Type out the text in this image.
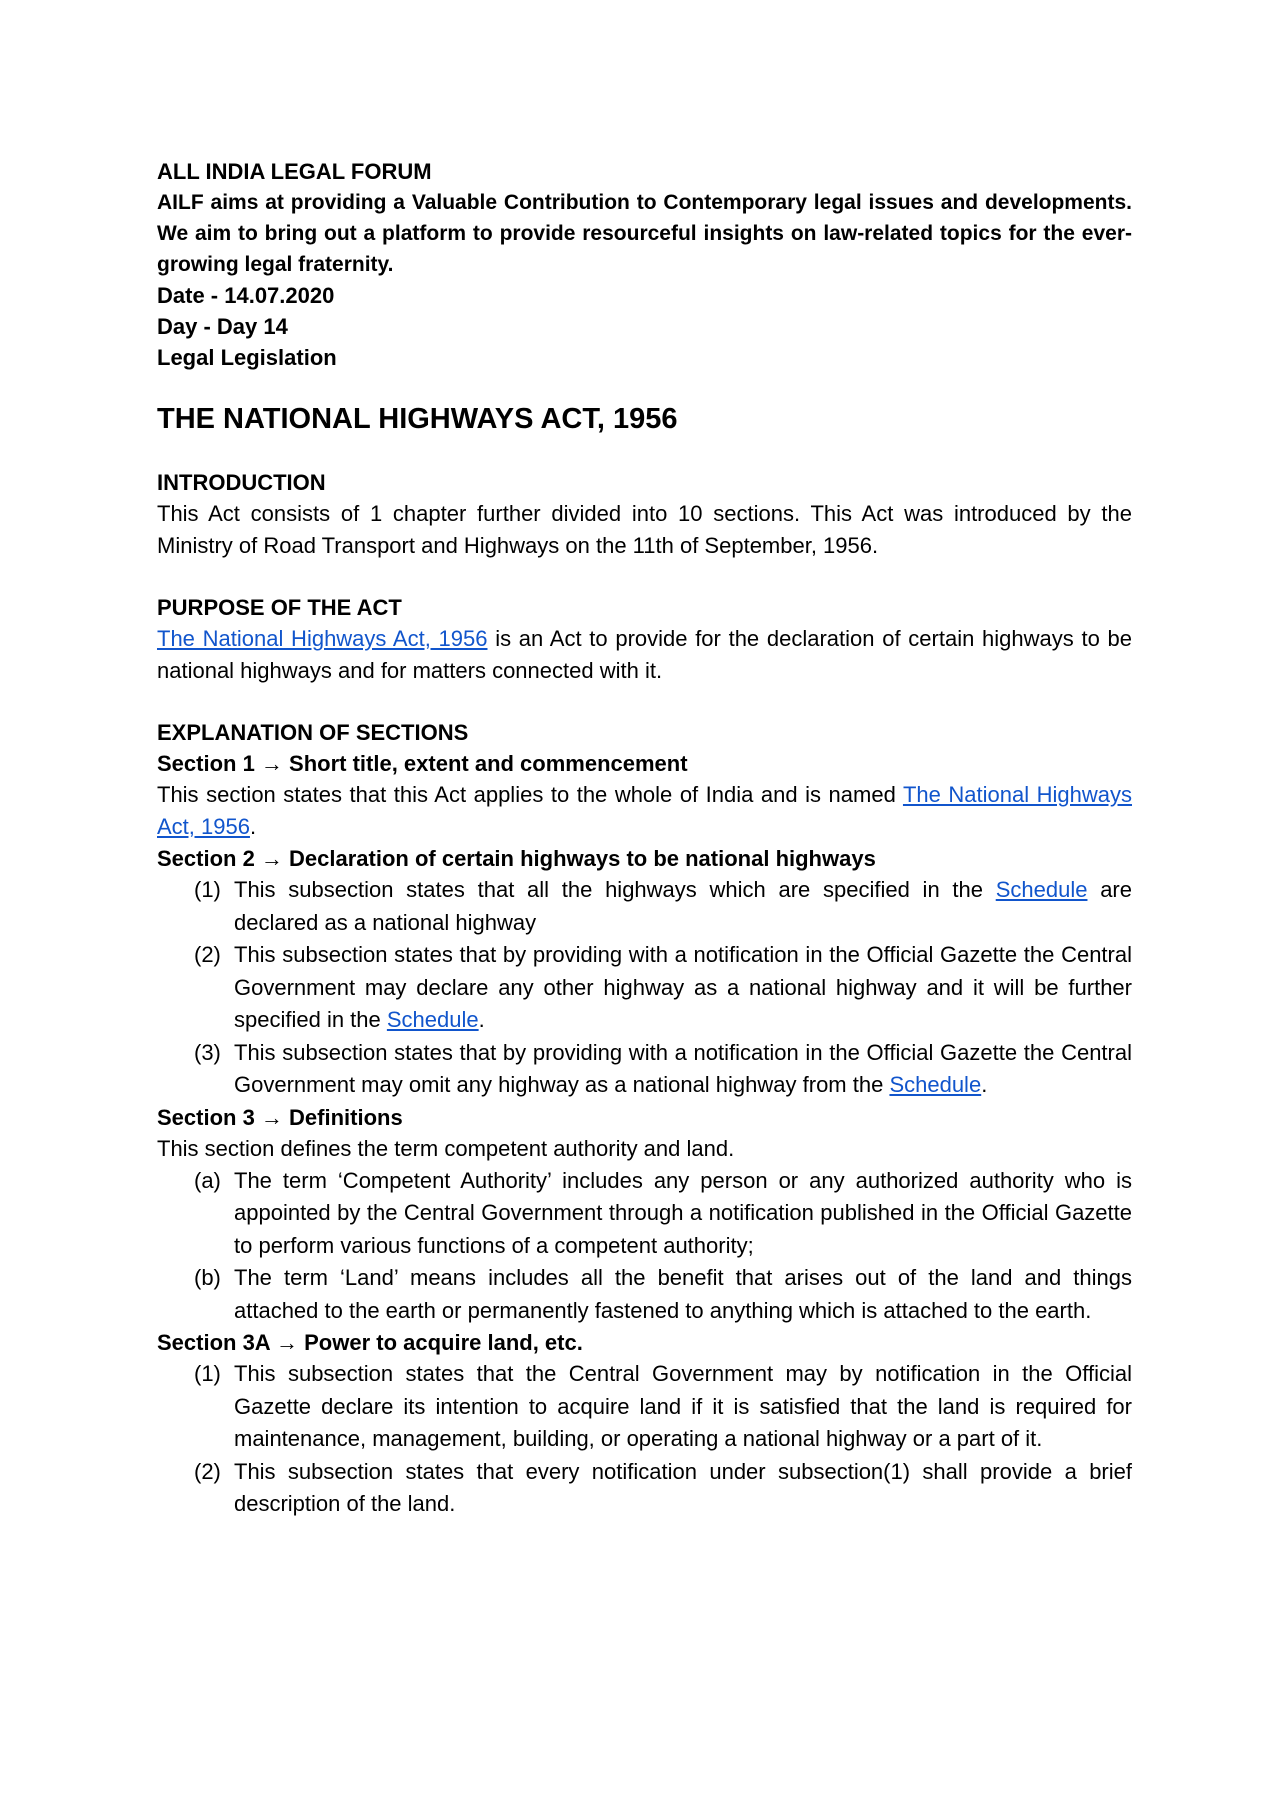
ALL INDIA LEGAL FORUM

AILF aims at providing a Valuable Contribution to Contemporary legal issues and developments. We aim to bring out a platform to provide resourceful insights on law-related topics for the ever-growing legal fraternity.

Date - 14.07.2020

Day - Day 14

Legal Legislation

THE NATIONAL HIGHWAYS ACT, 1956

INTRODUCTION

This Act consists of 1 chapter further divided into 10 sections. This Act was introduced by the Ministry of Road Transport and Highways on the 11th of September, 1956.

PURPOSE OF THE ACT

The National Highways Act, 1956 is an Act to provide for the declaration of certain highways to be national highways and for matters connected with it.

EXPLANATION OF SECTIONS

Section 1 → Short title, extent and commencement

This section states that this Act applies to the whole of India and is named The National Highways Act, 1956.

Section 2 → Declaration of certain highways to be national highways

(1) This subsection states that all the highways which are specified in the Schedule are declared as a national highway
(2) This subsection states that by providing with a notification in the Official Gazette the Central Government may declare any other highway as a national highway and it will be further specified in the Schedule.
(3) This subsection states that by providing with a notification in the Official Gazette the Central Government may omit any highway as a national highway from the Schedule.

Section 3 → Definitions

This section defines the term competent authority and land.

(a) The term ‘Competent Authority’ includes any person or any authorized authority who is appointed by the Central Government through a notification published in the Official Gazette to perform various functions of a competent authority;
(b) The term ‘Land’ means includes all the benefit that arises out of the land and things attached to the earth or permanently fastened to anything which is attached to the earth.

Section 3A → Power to acquire land, etc.

(1) This subsection states that the Central Government may by notification in the Official Gazette declare its intention to acquire land if it is satisfied that the land is required for maintenance, management, building, or operating a national highway or a part of it.
(2) This subsection states that every notification under subsection(1) shall provide a brief description of the land.
